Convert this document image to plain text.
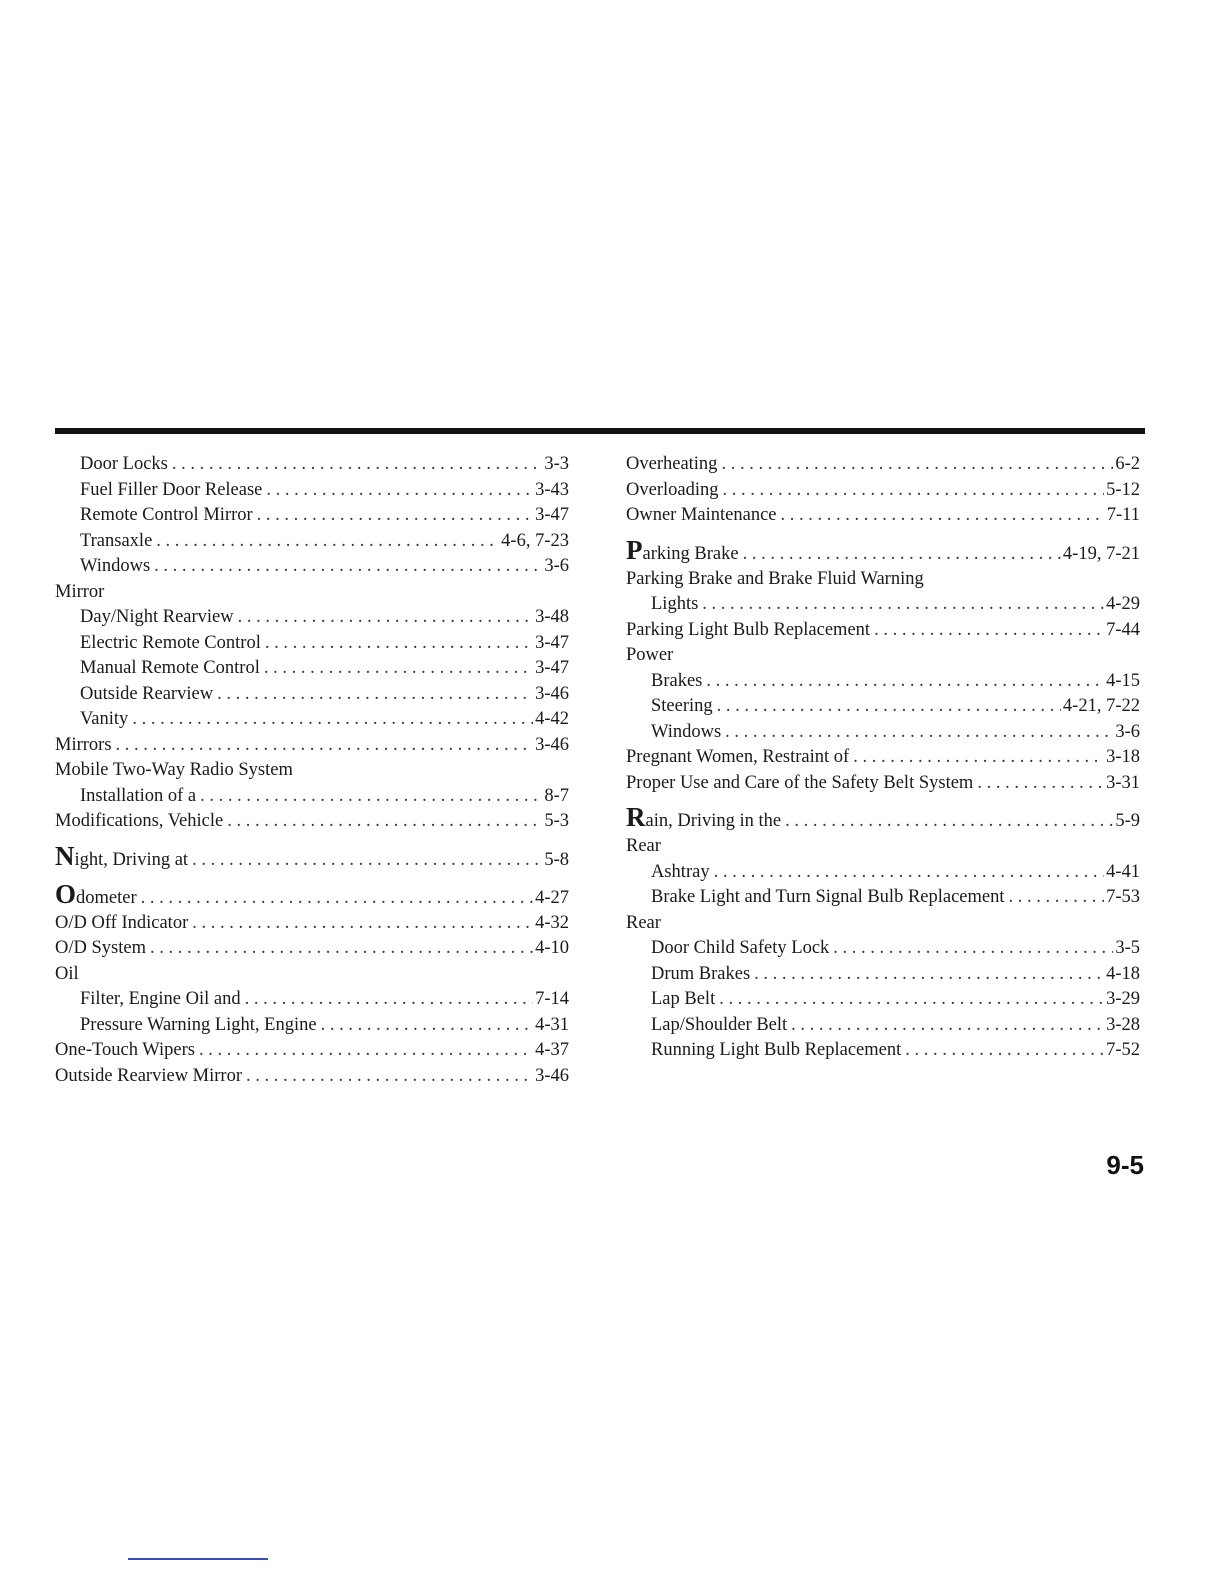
Door Locks . . .	3-3
Fuel Filler Door Release . . .	3-43
Remote Control Mirror . . .	3-47
Transaxle . . .	4-6, 7-23
Windows . . .	3-6
Mirror
Day/Night Rearview . . .	3-48
Electric Remote Control . . .	3-47
Manual Remote Control . . .	3-47
Outside Rearview . . .	3-46
Vanity . . .	4-42
Mirrors . . .	3-46
Mobile Two-Way Radio System
Installation of a . . .	8-7
Modifications, Vehicle . . .	5-3
Night, Driving at . . .	5-8
Odometer . . .	4-27
O/D Off Indicator . . .	4-32
O/D System . . .	4-10
Oil
Filter, Engine Oil and . . .	7-14
Pressure Warning Light, Engine . . .	4-31
One-Touch Wipers . . .	4-37
Outside Rearview Mirror . . .	3-46
Overheating . . .	6-2
Overloading . . .	5-12
Owner Maintenance . . .	7-11
Parking Brake . . .	4-19, 7-21
Parking Brake and Brake Fluid Warning
Lights . . .	4-29
Parking Light Bulb Replacement . . .	7-44
Power
Brakes . . .	4-15
Steering . . .	4-21, 7-22
Windows . . .	3-6
Pregnant Women, Restraint of . . .	3-18
Proper Use and Care of the Safety Belt System . . .	3-31
Rain, Driving in the . . .	5-9
Rear
Ashtray . . .	4-41
Brake Light and Turn Signal Bulb Replacement . . .	7-53
Rear
Door Child Safety Lock . . .	3-5
Drum Brakes . . .	4-18
Lap Belt . . .	3-29
Lap/Shoulder Belt . . .	3-28
Running Light Bulb Replacement . . .	7-52
9-5
